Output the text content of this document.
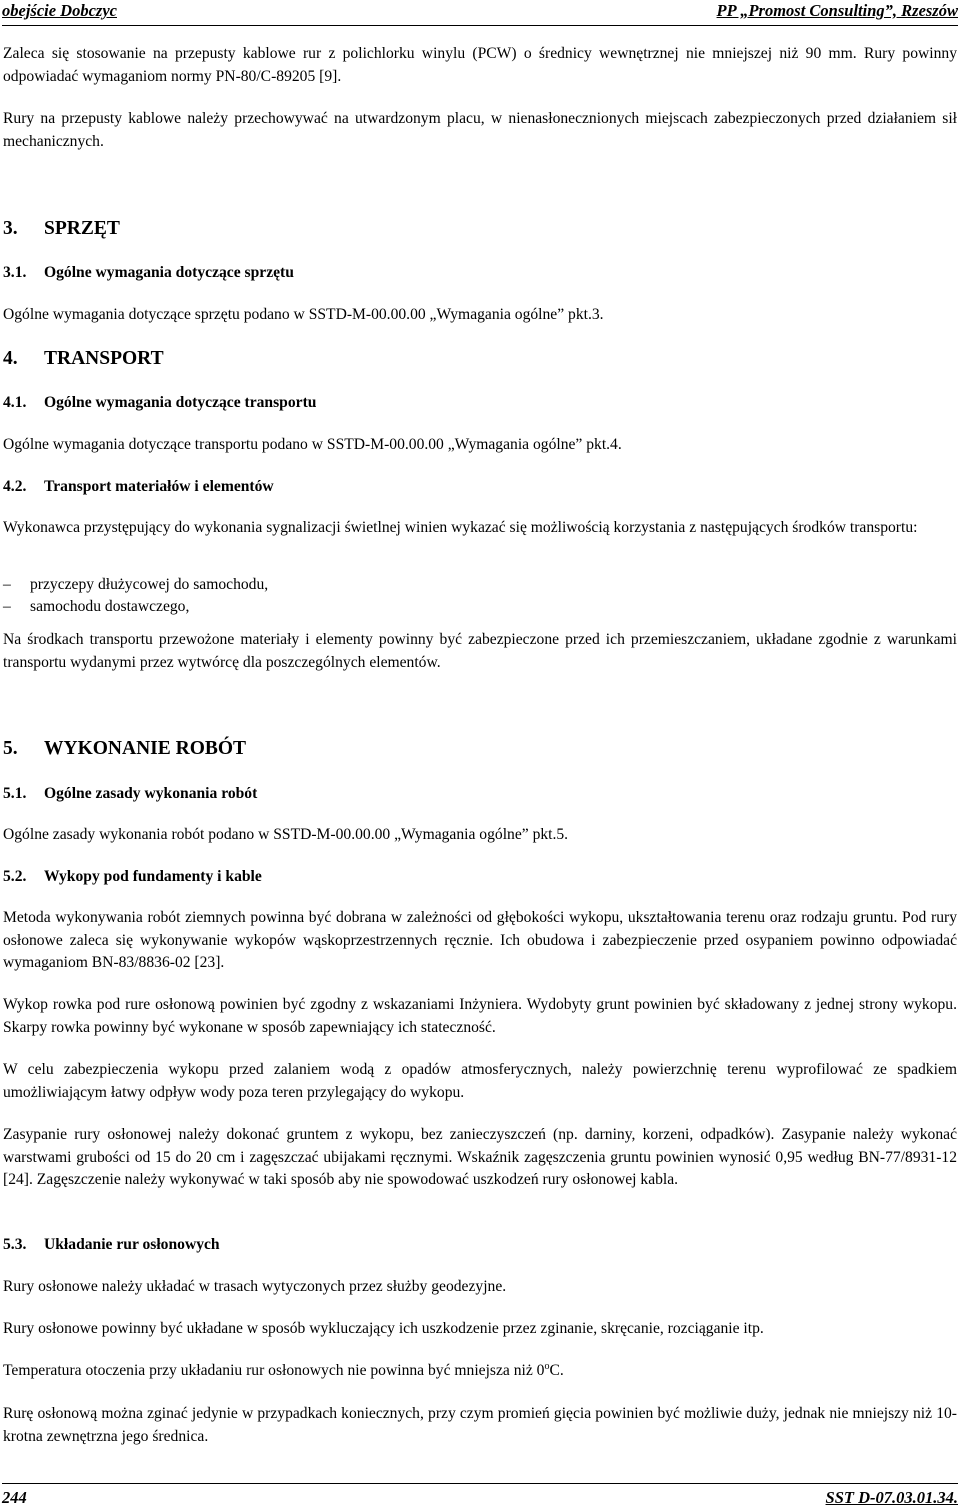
obejście Dobczyc	PP „Promost Consulting”, Rzeszów

Zaleca się stosowanie na przepusty kablowe rur z polichlorku winylu (PCW) o średnicy wewnętrznej nie mniejszej niż 90 mm. Rury powinny odpowiadać wymaganiom normy PN-80/C-89205 [9].

Rury na przepusty kablowe należy przechowywać na utwardzonym placu, w nienasłonecznionych miejscach zabezpieczonych przed działaniem sił mechanicznych.

3. SPRZĘT
3.1. Ogólne wymagania dotyczące sprzętu

Ogólne wymagania dotyczące sprzętu podano w SSTD-M-00.00.00 „Wymagania ogólne” pkt.3.

4. TRANSPORT
4.1. Ogólne wymagania dotyczące transportu

Ogólne wymagania dotyczące transportu podano w SSTD-M-00.00.00 „Wymagania ogólne” pkt.4.

4.2. Transport materiałów i elementów

Wykonawca przystępujący do wykonania sygnalizacji świetlnej winien wykazać się możliwością korzystania z następujących środków transportu:

– przyczepy dłużycowej do samochodu,
– samochodu dostawczego,

Na środkach transportu przewożone materiały i elementy powinny być zabezpieczone przed ich przemieszczaniem, układane zgodnie z warunkami transportu wydanymi przez wytwórcę dla poszczególnych elementów.

5. WYKONANIE ROBÓT
5.1. Ogólne zasady wykonania robót

Ogólne zasady wykonania robót podano w SSTD-M-00.00.00 „Wymagania ogólne” pkt.5.

5.2. Wykopy pod fundamenty i kable

Metoda wykonywania robót ziemnych powinna być dobrana w zależności od głębokości wykopu, ukształtowania terenu oraz rodzaju gruntu. Pod rury osłonowe zaleca się wykonywanie wykopów wąskoprzestrzennych ręcznie. Ich obudowa i zabezpieczenie przed osypaniem powinno odpowiadać wymaganiom BN-83/8836-02 [23].

Wykop rowka pod rure osłonową powinien być zgodny z wskazaniami Inżyniera. Wydobyty grunt powinien być składowany z jednej strony wykopu. Skarpy rowka powinny być wykonane w sposób zapewniający ich stateczność.

W celu zabezpieczenia wykopu przed zalaniem wodą z opadów atmosferycznych, należy powierzchnię terenu wyprofilować ze spadkiem umożliwiającym łatwy odpływ wody poza teren przylegający do wykopu.

Zasypanie rury osłonowej należy dokonać gruntem z wykopu, bez zanieczyszczeń (np. darniny, korzeni, odpadków). Zasypanie należy wykonać warstwami grubości od 15 do 20 cm i zagęszczać ubijakami ręcznymi. Wskaźnik zagęszczenia gruntu powinien wynosić 0,95 według BN-77/8931-12 [24]. Zagęszczenie należy wykonywać w taki sposób aby nie spowodować uszkodzeń rury osłonowej kabla.

5.3. Układanie rur osłonowych

Rury osłonowe należy układać w trasach wytyczonych przez służby geodezyjne.

Rury osłonowe powinny być układane w sposób wykluczający ich uszkodzenie przez zginanie, skręcanie, rozciąganie itp.

Temperatura otoczenia przy układaniu rur osłonowych nie powinna być mniejsza niż 0$^o$C.

Rurę osłonową można zginać jedynie w przypadkach koniecznych, przy czym promień gięcia powinien być możliwie duży, jednak nie mniejszy niż 10-krotna zewnętrzna jego średnica.

244	SST D-07.03.01.34.
